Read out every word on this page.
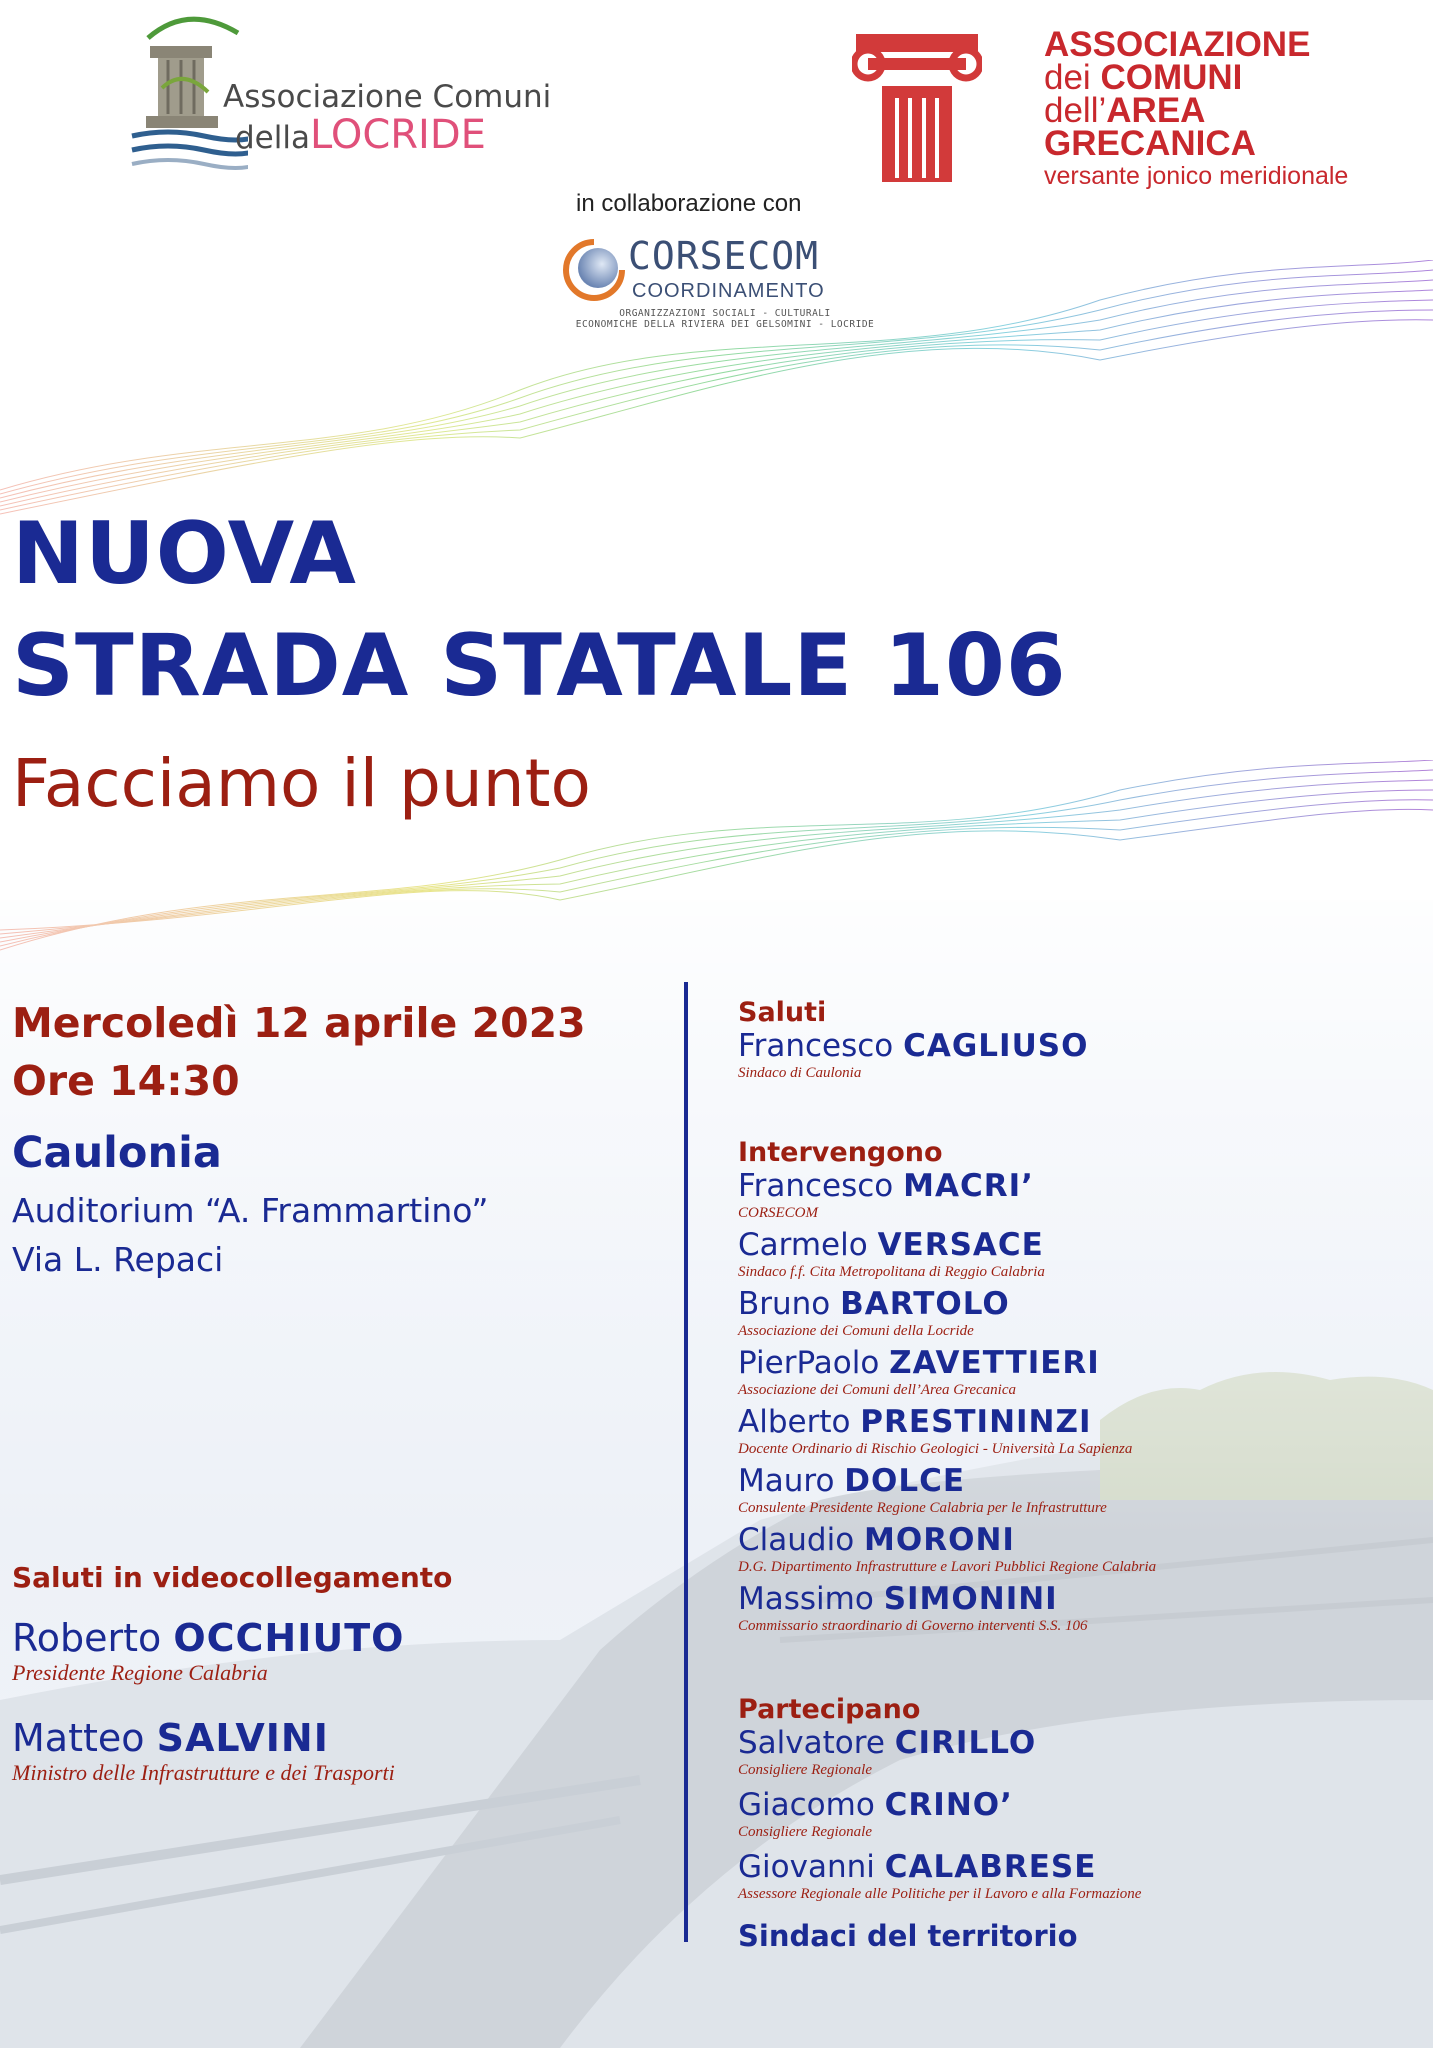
Associazione Comuni
dellaLOCRIDE
ASSOCIAZIONE
dei COMUNI
dell’AREA
GRECANICA
versante jonico meridionale
in collaborazione con
CORSECOM
COORDINAMENTO
ORGANIZZAZIONI SOCIALI - CULTURALI
ECONOMICHE DELLA RIVIERA DEI GELSOMINI - LOCRIDE
NUOVA
STRADA STATALE 106
Facciamo il punto
Mercoledì 12 aprile 2023
Ore 14:30
Caulonia
Auditorium “A. Frammartino”
Via L. Repaci
Saluti in videocollegamento
Roberto OCCHIUTO
Presidente Regione Calabria
Matteo SALVINI
Ministro delle Infrastrutture e dei Trasporti
Saluti
Francesco CAGLIUSO
Sindaco di Caulonia
Intervengono
Francesco MACRI’
CORSECOM
Carmelo VERSACE
Sindaco f.f. Cita Metropolitana di Reggio Calabria
Bruno BARTOLO
Associazione dei Comuni della Locride
PierPaolo ZAVETTIERI
Associazione dei Comuni dell’Area Grecanica
Alberto PRESTININZI
Docente Ordinario di Rischio Geologici - Università La Sapienza
Mauro DOLCE
Consulente Presidente Regione Calabria per le Infrastrutture
Claudio MORONI
D.G. Dipartimento Infrastrutture e Lavori Pubblici Regione Calabria
Massimo SIMONINI
Commissario straordinario di Governo interventi S.S. 106
Partecipano
Salvatore CIRILLO
Consigliere Regionale
Giacomo CRINO’
Consigliere Regionale
Giovanni CALABRESE
Assessore Regionale alle Politiche per il Lavoro e alla Formazione
Sindaci del territorio
